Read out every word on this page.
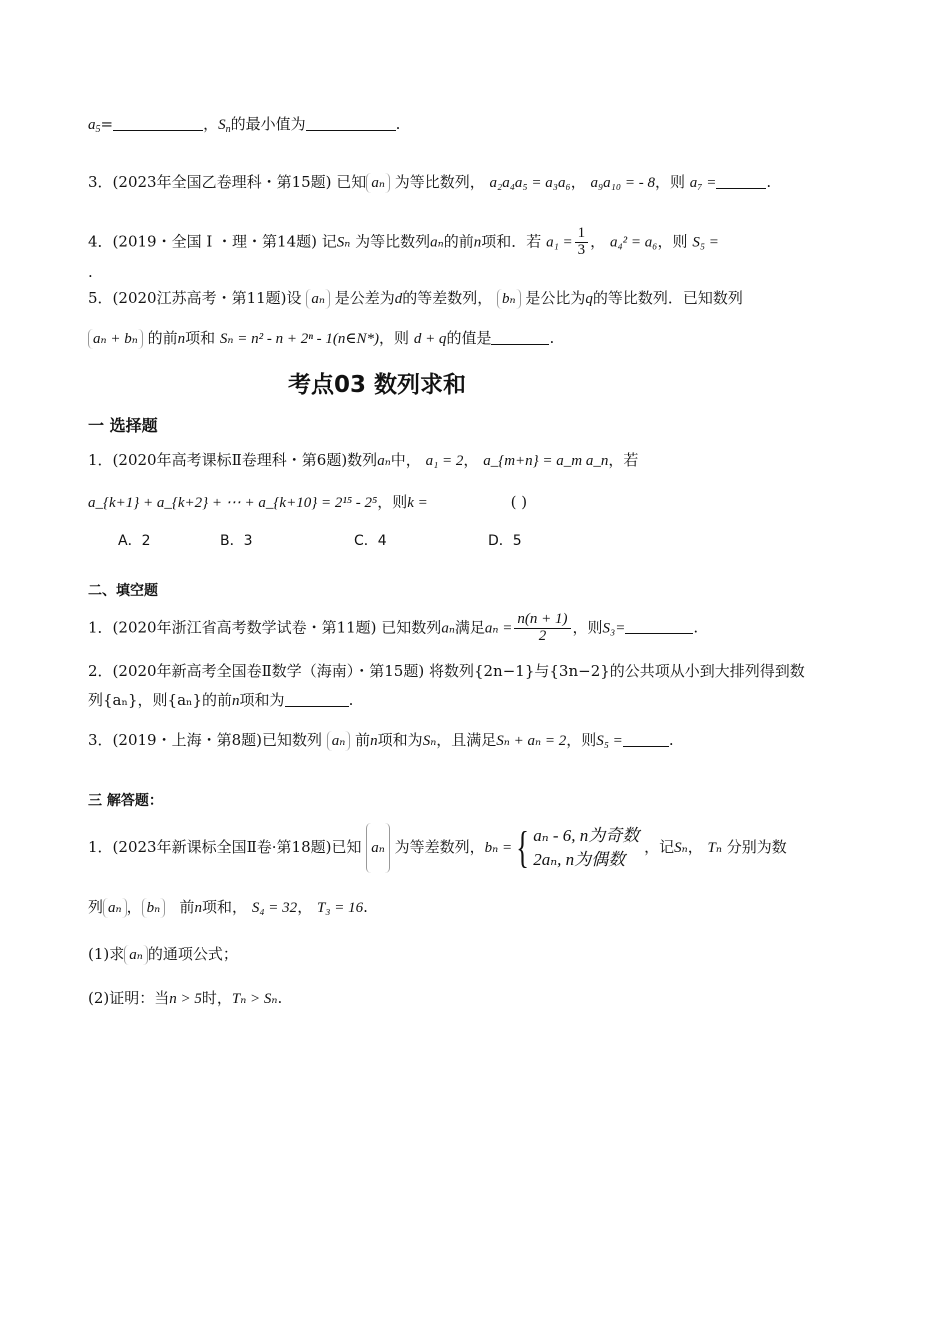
$a_5=$	，$S_n$的最小值为	.
3．(2023年全国乙卷理科・第15题) 已知 aₙ 为等比数列， a₂a₄a₅ = a₃a₆， a₉a₁₀ = - 8，则 a₇ =	.
4．(2019・全国 Ⅰ ・理・第14题) 记Sₙ 为等比数列aₙ的前n项和．若 $a_1 = \frac{1}{3}$ ， a₄² = a₆，则 S₅ =
.
5．(2020江苏高考・第11题)设 aₙ 是公差为d的等差数列， bₙ 是公比为q的等比数列．已知数列
aₙ + bₙ 的前n项和 Sₙ = n² - n + 2ⁿ - 1(n∈N*)，则 d + q的值是	.
考点03 数列求和
一 选择题
1．(2020年高考课标Ⅱ卷理科・第6题)数列aₙ中， a₁ = 2， a_{m+n} = a_m a_n，若
a_{k+1} + a_{k+2} + ⋯ + a_{k+10} = 2¹⁵ - 2⁵，则k =	( )
A．2	B．3	C．4	D．5
二、填空题
1．(2020年浙江省高考数学试卷・第11题) 已知数列aₙ满足$a_n = \frac{n(n + 1)}{2}$ ，则S₃=	.
2．(2020年新高考全国卷Ⅱ数学（海南）・第15题) 将数列{2n−1}与{3n−2}的公共项从小到大排列得到数
列{aₙ}，则{aₙ}的前n项和为	.
3．(2019・上海・第8题)已知数列 aₙ 前n项和为Sₙ，且满足Sₙ + aₙ = 2，则S₅ =	.
三 解答题：
1．(2023年新课标全国Ⅱ卷·第18题)已知 aₙ 为等差数列，bₙ ={ aₙ - 6, n为奇数
2aₙ, n为偶数
，记Sₙ， Tₙ 分别为数
列 aₙ ， bₙ 前n项和， S₄ = 32， T₃ = 16.
(1)求 aₙ 的通项公式；
(2)证明：当n > 5时，Tₙ > Sₙ.
